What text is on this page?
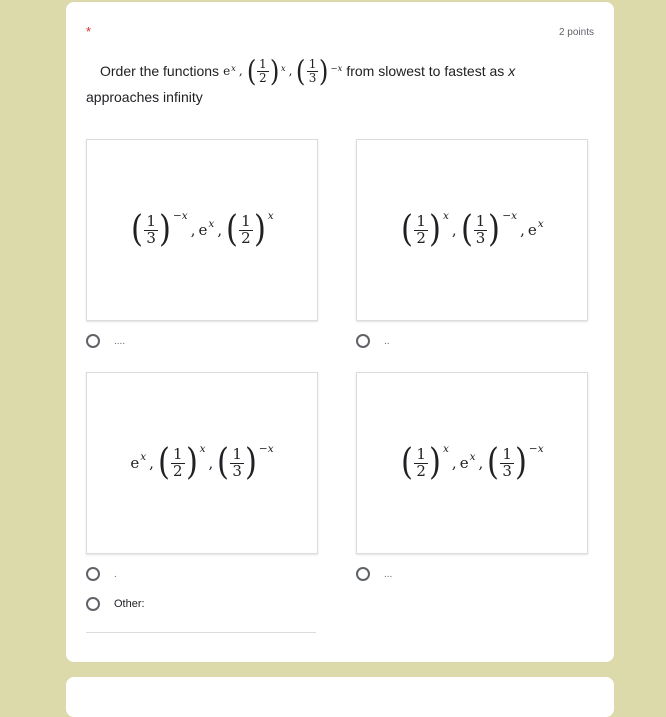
*	2 points
Order the functions e x , ( $\frac{1}{2}$ ) x , ( $\frac{1}{3}$ ) −x from slowest to fastest as x
approaches infinity
( $\frac{1}{3}$ ) −x
, e x , ( $\frac{1}{2}$ ) x	( $\frac{1}{2}$ ) x
, ( $\frac{1}{3}$ ) −x
, e x
....	..
e x , ( $\frac{1}{2}$ ) x
, ( $\frac{1}{3}$ ) −x	( $\frac{1}{2}$ ) x
, e x , ( $\frac{1}{3}$ ) −x
.	...
Other:
